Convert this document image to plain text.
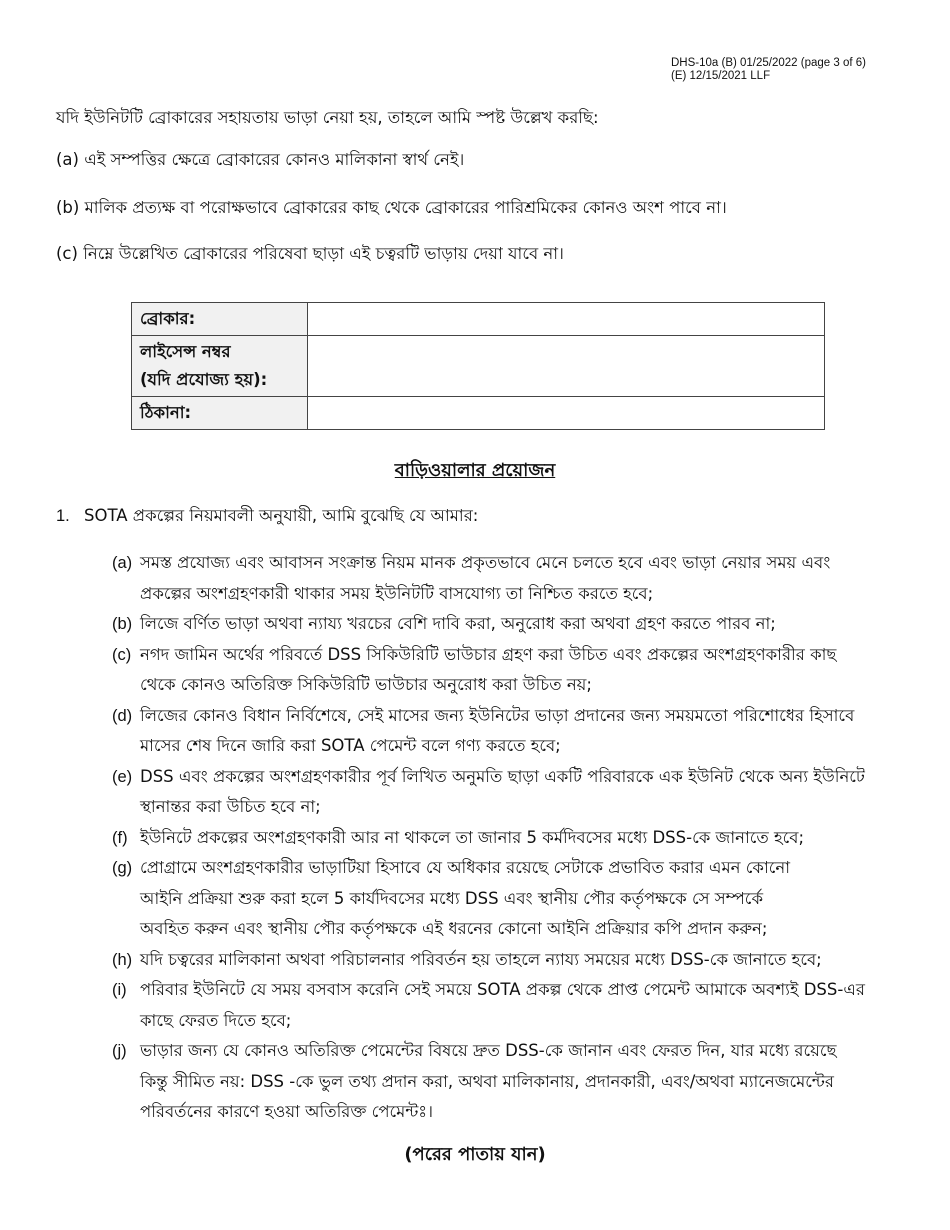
DHS-10a (B) 01/25/2022 (page 3 of 6)
(E) 12/15/2021 LLF
যদি ইউনিটটি ব্রোকারের সহায়তায় ভাড়া নেয়া হয়, তাহলে আমি স্পষ্ট উল্লেখ করছি:
(a) এই সম্পত্তির ক্ষেত্রে ব্রোকারের কোনও মালিকানা স্বার্থ নেই।
(b) মালিক প্রত্যক্ষ বা পরোক্ষভাবে ব্রোকারের কাছ থেকে ব্রোকারের পারিশ্রমিকের কোনও অংশ পাবে না।
(c) নিম্নে উল্লেখিত ব্রোকারের পরিষেবা ছাড়া এই চত্বরটি ভাড়ায় দেয়া যাবে না।
ব্রোকার:	

লাইসেন্স নম্বর
(যদি প্রযোজ্য হয়):	

ঠিকানা:	
বাড়িওয়ালার প্রয়োজন
1. SOTA প্রকল্পের নিয়মাবলী অনুযায়ী, আমি বুঝেছি যে আমার:
(a) সমস্ত প্রযোজ্য এবং আবাসন সংক্রান্ত নিয়ম মানক প্রকৃতভাবে মেনে চলতে হবে এবং ভাড়া নেয়ার সময় এবং
প্রকল্পের অংশগ্রহণকারী থাকার সময় ইউনিটটি বাসযোগ্য তা নিশ্চিত করতে হবে;
(b) লিজে বর্ণিত ভাড়া অথবা ন্যায্য খরচের বেশি দাবি করা, অনুরোধ করা অথবা গ্রহণ করতে পারব না;
(c) নগদ জামিন অর্থের পরিবর্তে DSS সিকিউরিটি ভাউচার গ্রহণ করা উচিত এবং প্রকল্পের অংশগ্রহণকারীর কাছ
থেকে কোনও অতিরিক্ত সিকিউরিটি ভাউচার অনুরোধ করা উচিত নয়;
(d) লিজের কোনও বিধান নির্বিশেষে, সেই মাসের জন্য ইউনিটের ভাড়া প্রদানের জন্য সময়মতো পরিশোধের হিসাবে
মাসের শেষ দিনে জারি করা SOTA পেমেন্ট বলে গণ্য করতে হবে;
(e) DSS এবং প্রকল্পের অংশগ্রহণকারীর পূর্ব লিখিত অনুমতি ছাড়া একটি পরিবারকে এক ইউনিট থেকে অন্য ইউনিটে
স্থানান্তর করা উচিত হবে না;
(f) ইউনিটে প্রকল্পের অংশগ্রহণকারী আর না থাকলে তা জানার 5 কর্মদিবসের মধ্যে DSS-কে জানাতে হবে;
(g) প্রোগ্রামে অংশগ্রহণকারীর ভাড়াটিয়া হিসাবে যে অধিকার রয়েছে সেটাকে প্রভাবিত করার এমন কোনো
আইনি প্রক্রিয়া শুরু করা হলে 5 কার্যদিবসের মধ্যে DSS এবং স্থানীয় পৌর কর্তৃপক্ষকে সে সম্পর্কে
অবহিত করুন এবং স্থানীয় পৌর কর্তৃপক্ষকে এই ধরনের কোনো আইনি প্রক্রিয়ার কপি প্রদান করুন;
(h) যদি চত্বরের মালিকানা অথবা পরিচালনার পরিবর্তন হয় তাহলে ন্যায্য সময়ের মধ্যে DSS-কে জানাতে হবে;
(i) পরিবার ইউনিটে যে সময় বসবাস করেনি সেই সময়ে SOTA প্রকল্প থেকে প্রাপ্ত পেমেন্ট আমাকে অবশ্যই DSS-এর
কাছে ফেরত দিতে হবে;
(j) ভাড়ার জন্য যে কোনও অতিরিক্ত পেমেন্টের বিষয়ে দ্রুত DSS-কে জানান এবং ফেরত দিন, যার মধ্যে রয়েছে
কিন্তু সীমিত নয়: DSS -কে ভুল তথ্য প্রদান করা, অথবা মালিকানায়, প্রদানকারী, এবং/অথবা ম্যানেজমেন্টের
পরিবর্তনের কারণে হওয়া অতিরিক্ত পেমেন্টঃ।
(পরের পাতায় যান)
